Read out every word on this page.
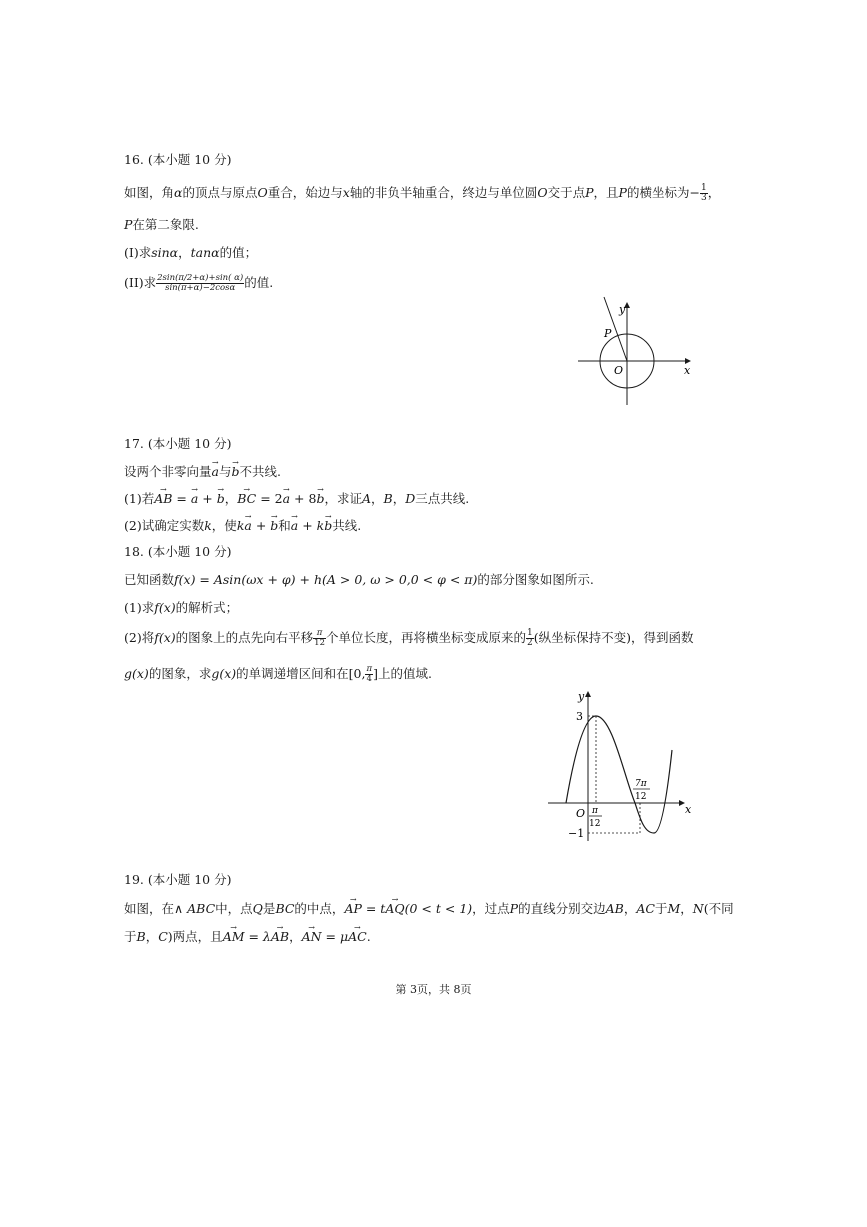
16. (本小题 10 分)
如图，角α的顶点与原点O重合，始边与x轴的非负半轴重合，终边与单位圆O交于点P，且P的横坐标为− $\frac{1}{3}$ ，
P在第二象限.
(I)求sinα，tanα的值；
(II)求 $\frac{2\sin(\pi/2+\alpha)+\sin( \alpha)}{\sin(\pi+\alpha)-2\cos\alpha}$ 的值.
y
x
O
P
17. (本小题 10 分)
设两个非零向量→ a与→ b不共线.
(1)若→ AB = → a + → b，→ BC = 2→ a + 8→ b，求证A，B，D三点共线.
(2)试确定实数k，使k→ a + → b和→ a + k→ b共线.
18. (本小题 10 分)
已知函数f(x) = Asin(ωx + φ) + h(A > 0, ω > 0,0 < φ < π)的部分图象如图所示.
(1)求f(x)的解析式；
(2)将f(x)的图象上的点先向右平移 $\frac{\pi}{12}$ 个单位长度，再将横坐标变成原来的 $\frac{1}{2}$ (纵坐标保持不变)，得到函数
g(x)的图象，求g(x)的单调递增区间和在[0, $\frac{\pi}{4}$ ]上的值域.
y
x
O
3
−1
π
12
7π
12
19. (本小题 10 分)
如图，在∧ ABC中，点Q是BC的中点，→ AP = t→ AQ(0 < t < 1)，过点P的直线分别交边AB，AC于M，N(不同
于B，C)两点，且→ AM = λ→ AB，→ AN = μ→ AC.
第 3页，共 8页
